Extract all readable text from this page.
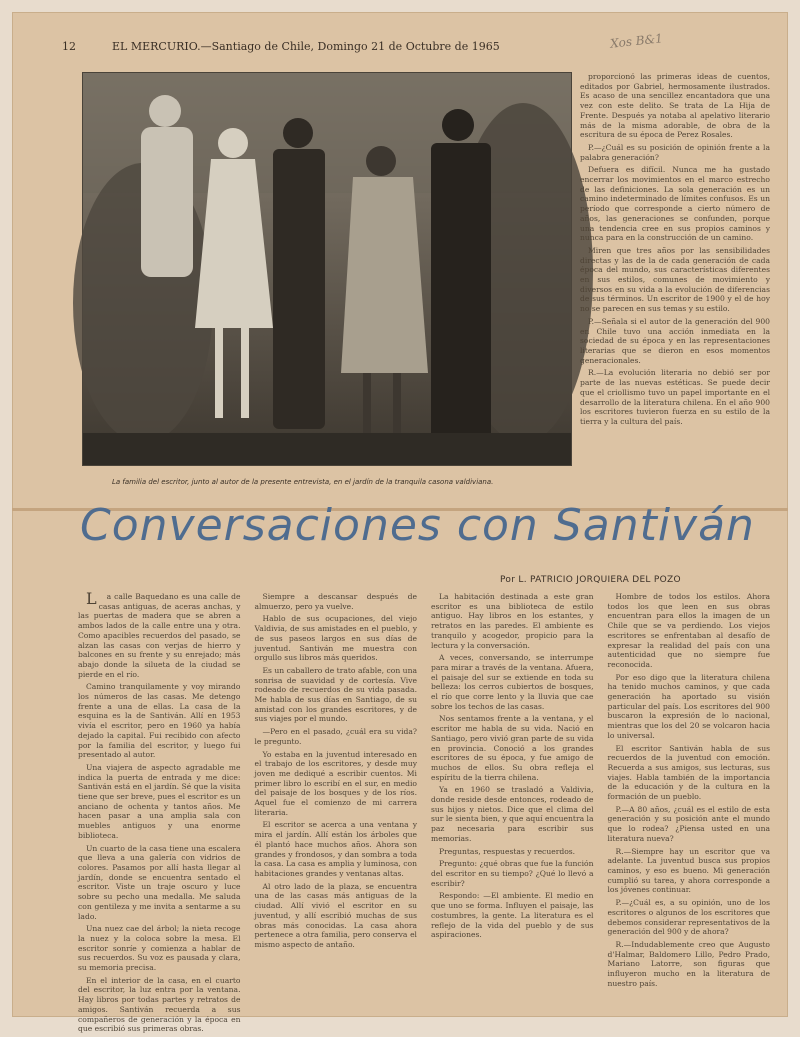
12	EL MERCURIO.—Santiago de Chile, Domingo 21 de Octubre de 1965	Xos B&1
La familia del escritor, junto al autor de la presente entrevista, en el jardín de la tranquila casona valdiviana.

proporcionó las primeras ideas de cuentos, editados por Gabriel, hermosamente ilustrados. Es acaso de una sencillez encantadora que una vez con este delito. Se trata de La Hija de Frente. Después ya notaba al apelativo literario más de la misma adorable, de obra de la escritura de su época de Perez Rosales.

P.—¿Cuál es su posición de opinión frente a la palabra generación?

Defuera es difícil. Nunca me ha gustado encerrar los movimientos en el marco estrecho de las definiciones. La sola generación es un camino indeterminado de límites confusos. Es un período que corresponde a cierto número de años, las generaciones se confunden, porque una tendencia cree en sus propios caminos y nunca para en la construcción de un camino.

Miren que tres años por las sensibilidades directas y las de la de cada generación de cada época del mundo, sus características diferentes en sus estilos, comunes de movimiento y diversos en su vida a la evolución de diferencias de sus términos. Un escritor de 1900 y el de hoy no se parecen en sus temas y su estilo.

P.—Señala si el autor de la generación del 900 en Chile tuvo una acción inmediata en la sociedad de su época y en las representaciones literarias que se dieron en esos momentos generacionales.

R.—La evolución literaria no debió ser por parte de las nuevas estéticas. Se puede decir que el criollismo tuvo un papel importante en el desarrollo de la literatura chilena. En el año 900 los escritores tuvieron fuerza en su estilo de la tierra y la cultura del país.

Conversaciones con Santiván
Por L. PATRICIO JORQUIERA DEL POZO

La calle Baquedano es una calle de casas antiguas, de aceras anchas, y las puertas de madera que se abren a ambos lados de la calle entre una y otra. Como apacibles recuerdos del pasado, se alzan las casas con verjas de hierro y balcones en su frente y su enrejado; más abajo donde la silueta de la ciudad se pierde en el río.

Camino tranquilamente y voy mirando los números de las casas. Me detengo frente a una de ellas. La casa de la esquina es la de Santiván. Allí en 1953 vivía el escritor, pero en 1960 ya había dejado la capital. Fui recibido con afecto por la familia del escritor, y luego fui presentado al autor.

Una viajera de aspecto agradable me indica la puerta de entrada y me dice: Santiván está en el jardín. Sé que la visita tiene que ser breve, pues el escritor es un anciano de ochenta y tantos años. Me hacen pasar a una amplia sala con muebles antiguos y una enorme biblioteca.

Un cuarto de la casa tiene una escalera que lleva a una galería con vidrios de colores. Pasamos por allí hasta llegar al jardín, donde se encuentra sentado el escritor. Viste un traje oscuro y luce sobre su pecho una medalla. Me saluda con gentileza y me invita a sentarme a su lado.

Una nuez cae del árbol; la nieta recoge la nuez y la coloca sobre la mesa. El escritor sonríe y comienza a hablar de sus recuerdos. Su voz es pausada y clara, su memoria precisa.

En el interior de la casa, en el cuarto del escritor, la luz entra por la ventana. Hay libros por todas partes y retratos de amigos. Santiván recuerda a sus compañeros de generación y la época en que escribió sus primeras obras.

Siempre a descansar después de almuerzo, pero ya vuelve.

Hablo de sus ocupaciones, del viejo Valdivia, de sus amistades en el pueblo, y de sus paseos largos en sus días de juventud. Santiván me muestra con orgullo sus libros más queridos.

Es un caballero de trato afable, con una sonrisa de suavidad y de cortesía. Vive rodeado de recuerdos de su vida pasada. Me habla de sus días en Santiago, de su amistad con los grandes escritores, y de sus viajes por el mundo.

—Pero en el pasado, ¿cuál era su vida? le pregunto.

Yo estaba en la juventud interesado en el trabajo de los escritores, y desde muy joven me dediqué a escribir cuentos. Mi primer libro lo escribí en el sur, en medio del paisaje de los bosques y de los ríos. Aquel fue el comienzo de mi carrera literaria.

El escritor se acerca a una ventana y mira el jardín. Allí están los árboles que él plantó hace muchos años. Ahora son grandes y frondosos, y dan sombra a toda la casa. La casa es amplia y luminosa, con habitaciones grandes y ventanas altas.

Al otro lado de la plaza, se encuentra una de las casas más antiguas de la ciudad. Allí vivió el escritor en su juventud, y allí escribió muchas de sus obras más conocidas. La casa ahora pertenece a otra familia, pero conserva el mismo aspecto de antaño.

La habitación destinada a este gran escritor es una biblioteca de estilo antiguo. Hay libros en los estantes, y retratos en las paredes. El ambiente es tranquilo y acogedor, propicio para la lectura y la conversación.

A veces, conversando, se interrumpe para mirar a través de la ventana. Afuera, el paisaje del sur se extiende en toda su belleza: los cerros cubiertos de bosques, el río que corre lento y la lluvia que cae sobre los techos de las casas.

Nos sentamos frente a la ventana, y el escritor me habla de su vida. Nació en Santiago, pero vivió gran parte de su vida en provincia. Conoció a los grandes escritores de su época, y fue amigo de muchos de ellos. Su obra refleja el espíritu de la tierra chilena.

Ya en 1960 se trasladó a Valdivia, donde reside desde entonces, rodeado de sus hijos y nietos. Dice que el clima del sur le sienta bien, y que aquí encuentra la paz necesaria para escribir sus memorias.

Preguntas, respuestas y recuerdos.

Pregunto: ¿qué obras que fue la función del escritor en su tiempo? ¿Qué lo llevó a escribir?

Respondo: —El ambiente. El medio en que uno se forma. Influyen el paisaje, las costumbres, la gente. La literatura es el reflejo de la vida del pueblo y de sus aspiraciones.

Hombre de todos los estilos. Ahora todos los que leen en sus obras encuentran para ellos la imagen de un Chile que se va perdiendo. Los viejos escritores se enfrentaban al desafío de expresar la realidad del país con una autenticidad que no siempre fue reconocida.

Por eso digo que la literatura chilena ha tenido muchos caminos, y que cada generación ha aportado su visión particular del país. Los escritores del 900 buscaron la expresión de lo nacional, mientras que los del 20 se volcaron hacia lo universal.

El escritor Santiván habla de sus recuerdos de la juventud con emoción. Recuerda a sus amigos, sus lecturas, sus viajes. Habla también de la importancia de la educación y de la cultura en la formación de un pueblo.

P.—A 80 años, ¿cuál es el estilo de esta generación y su posición ante el mundo que lo rodea? ¿Piensa usted en una literatura nueva?

R.—Siempre hay un escritor que va adelante. La juventud busca sus propios caminos, y eso es bueno. Mi generación cumplió su tarea, y ahora corresponde a los jóvenes continuar.

P.—¿Cuál es, a su opinión, uno de los escritores o algunos de los escritores que debemos considerar representativos de la generación del 900 y de ahora?

R.—Indudablemente creo que Augusto d'Halmar, Baldomero Lillo, Pedro Prado, Mariano Latorre, son figuras que influyeron mucho en la literatura de nuestro país.
